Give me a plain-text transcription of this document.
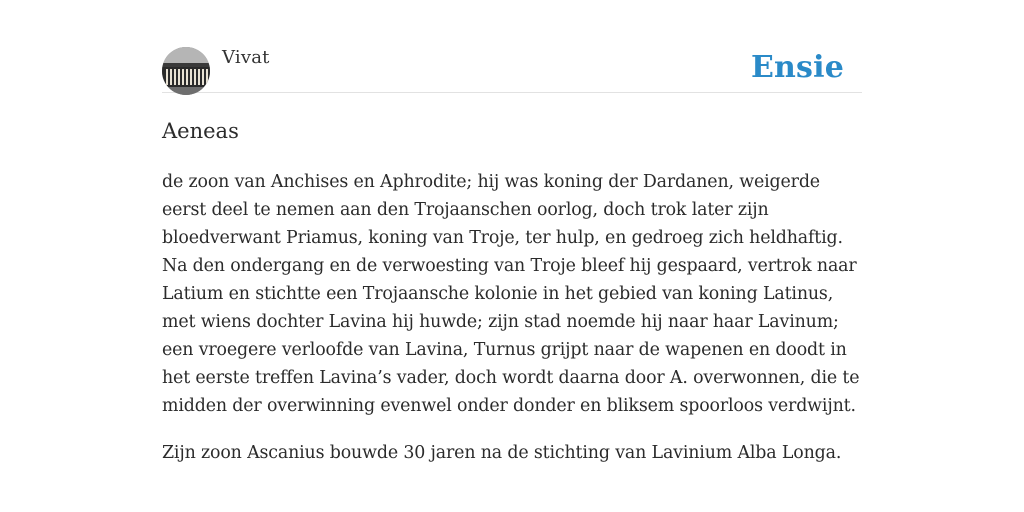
Vivat	Ensie
Aeneas

de zoon van Anchises en Aphrodite; hij was koning der Dardanen, weigerde eerst deel te nemen aan den Trojaanschen oorlog, doch trok later zijn bloedverwant Priamus, koning van Troje, ter hulp, en gedroeg zich heldhaftig. Na den ondergang en de verwoesting van Troje bleef hij gespaard, vertrok naar Latium en stichtte een Trojaansche kolonie in het gebied van koning Latinus, met wiens dochter Lavina hij huwde; zijn stad noemde hij naar haar Lavinum; een vroegere verloofde van Lavina, Turnus grijpt naar de wapenen en doodt in het eerste treffen Lavina’s vader, doch wordt daarna door A. overwonnen, die te midden der overwinning evenwel onder donder en bliksem spoorloos verdwijnt.

Zijn zoon Ascanius bouwde 30 jaren na de stichting van Lavinium Alba Longa.
